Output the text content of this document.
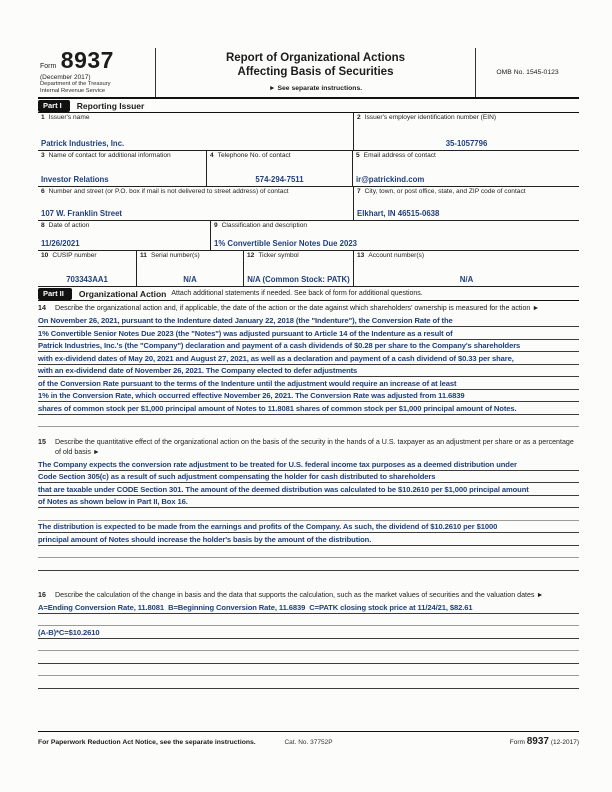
Form 8937
(December 2017)
Department of the Treasury
Internal Revenue Service
Report of Organizational Actions
Affecting Basis of Securities
► See separate instructions.
OMB No. 1545-0123
Part I	Reporting Issuer
1 Issuer's name
Patrick Industries, Inc.
2 Issuer's employer identification number (EIN)
35-1057796
3 Name of contact for additional information
Investor Relations
4 Telephone No. of contact
574-294-7511
5 Email address of contact
ir@patrickind.com
6 Number and street (or P.O. box if mail is not delivered to street address) of contact
107 W. Franklin Street
7 City, town, or post office, state, and ZIP code of contact
Elkhart, IN 46515-0638
8 Date of action
11/26/2021
9 Classification and description
1% Convertible Senior Notes Due 2023
10 CUSIP number
703343AA1
11 Serial number(s)
N/A
12 Ticker symbol
N/A (Common Stock: PATK)
13 Account number(s)
N/A
Part II	Organizational Action Attach additional statements if needed. See back of form for additional questions.
14	Describe the organizational action and, if applicable, the date of the action or the date against which shareholders' ownership is measured for the action ►
On November 26, 2021, pursuant to the Indenture dated January 22, 2018 (the "Indenture"), the Conversion Rate of the
1% Convertible Senior Notes Due 2023 (the "Notes") was adjusted pursuant to Article 14 of the Indenture as a result of
Patrick Industries, Inc.'s (the "Company") declaration and payment of a cash dividends of $0.28 per share to the Company's shareholders
with ex-dividend dates of May 20, 2021 and August 27, 2021, as well as a declaration and payment of a cash dividend of $0.33 per share,
with an ex-dividend date of November 26, 2021. The Company elected to defer adjustments
of the Conversion Rate pursuant to the terms of the Indenture until the adjustment would require an increase of at least
1% in the Conversion Rate, which occurred effective November 26, 2021. The Conversion Rate was adjusted from 11.6839
shares of common stock per $1,000 principal amount of Notes to 11.8081 shares of common stock per $1,000 principal amount of Notes.
15	Describe the quantitative effect of the organizational action on the basis of the security in the hands of a U.S. taxpayer as an adjustment per share or as a percentage of old basis ►
The Company expects the conversion rate adjustment to be treated for U.S. federal income tax purposes as a deemed distribution under
Code Section 305(c) as a result of such adjustment compensating the holder for cash distributed to shareholders
that are taxable under CODE Section 301. The amount of the deemed distribution was calculated to be $10.2610 per $1,000 principal amount
of Notes as shown below in Part II, Box 16.
The distribution is expected to be made from the earnings and profits of the Company. As such, the dividend of $10.2610 per $1000
principal amount of Notes should increase the holder's basis by the amount of the distribution.
16	Describe the calculation of the change in basis and the data that supports the calculation, such as the market values of securities and the valuation dates ►
A=Ending Conversion Rate, 11.8081  B=Beginning Conversion Rate, 11.6839  C=PATK closing stock price at 11/24/21, $82.61
(A-B)*C=$10.2610
For Paperwork Reduction Act Notice, see the separate instructions.	Cat. No. 37752P	Form 8937 (12-2017)
